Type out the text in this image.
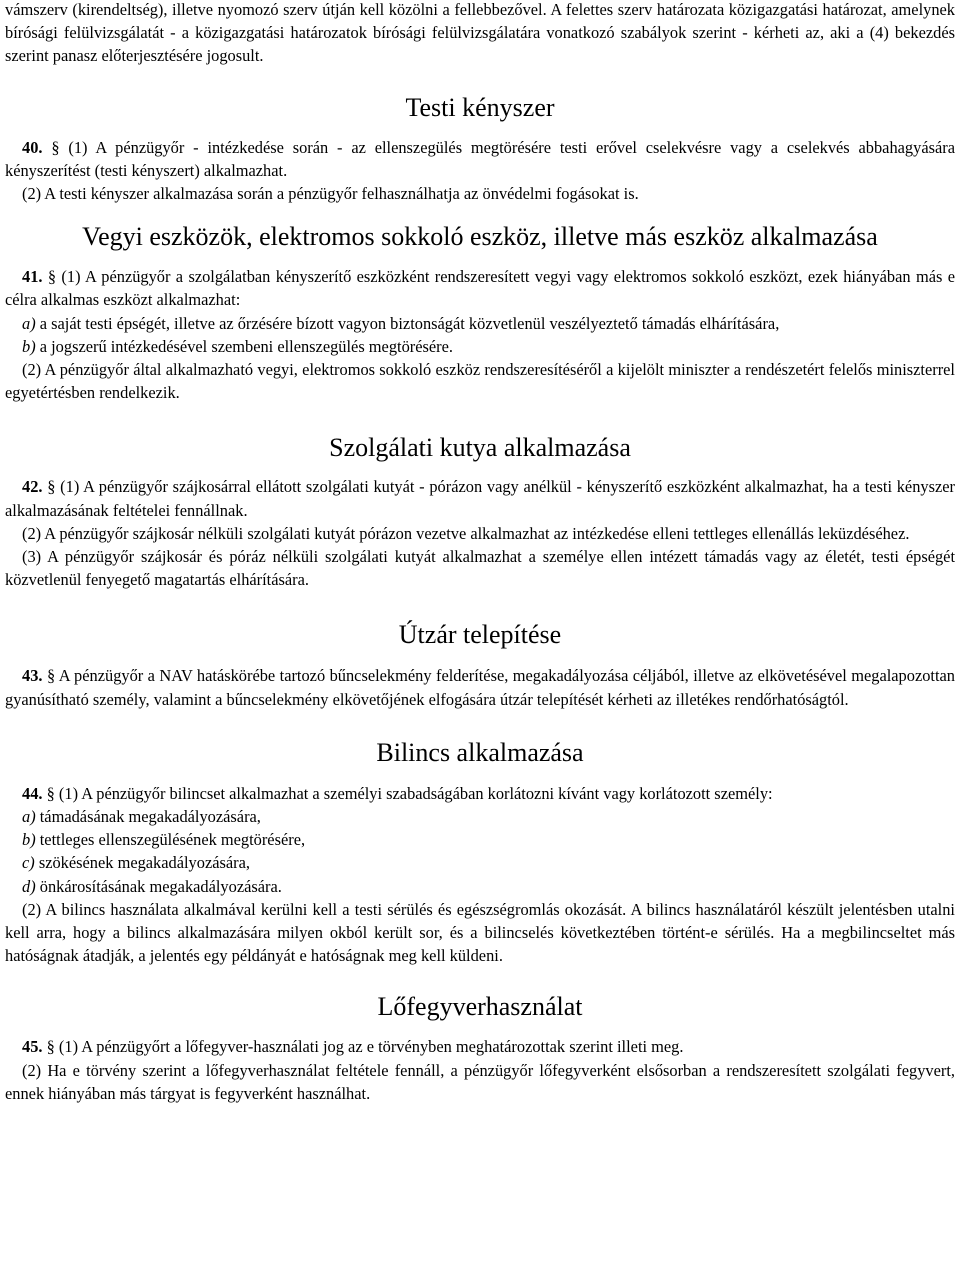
vámszerv (kirendeltség), illetve nyomozó szerv útján kell közölni a fellebbezővel. A felettes szerv határozata közigazgatási határozat, amelynek bírósági felülvizsgálatát - a közigazgatási határozatok bírósági felülvizsgálatára vonatkozó szabályok szerint - kérheti az, aki a (4) bekezdés szerint panasz előterjesztésére jogosult.

Testi kényszer

40. § (1) A pénzügyőr - intézkedése során - az ellenszegülés megtörésére testi erővel cselekvésre vagy a cselekvés abbahagyására kényszerítést (testi kényszert) alkalmazhat.

(2) A testi kényszer alkalmazása során a pénzügyőr felhasználhatja az önvédelmi fogásokat is.

Vegyi eszközök, elektromos sokkoló eszköz, illetve más eszköz alkalmazása

41. § (1) A pénzügyőr a szolgálatban kényszerítő eszközként rendszeresített vegyi vagy elektromos sokkoló eszközt, ezek hiányában más e célra alkalmas eszközt alkalmazhat:

a) a saját testi épségét, illetve az őrzésére bízott vagyon biztonságát közvetlenül veszélyeztető támadás elhárítására,

b) a jogszerű intézkedésével szembeni ellenszegülés megtörésére.

(2) A pénzügyőr által alkalmazható vegyi, elektromos sokkoló eszköz rendszeresítéséről a kijelölt miniszter a rendészetért felelős miniszterrel egyetértésben rendelkezik.

Szolgálati kutya alkalmazása

42. § (1) A pénzügyőr szájkosárral ellátott szolgálati kutyát - pórázon vagy anélkül - kényszerítő eszközként alkalmazhat, ha a testi kényszer alkalmazásának feltételei fennállnak.

(2) A pénzügyőr szájkosár nélküli szolgálati kutyát pórázon vezetve alkalmazhat az intézkedése elleni tettleges ellenállás leküzdéséhez.

(3) A pénzügyőr szájkosár és póráz nélküli szolgálati kutyát alkalmazhat a személye ellen intézett támadás vagy az életét, testi épségét közvetlenül fenyegető magatartás elhárítására.

Útzár telepítése

43. § A pénzügyőr a NAV hatáskörébe tartozó bűncselekmény felderítése, megakadályozása céljából, illetve az elkövetésével megalapozottan gyanúsítható személy, valamint a bűncselekmény elkövetőjének elfogására útzár telepítését kérheti az illetékes rendőrhatóságtól.

Bilincs alkalmazása

44. § (1) A pénzügyőr bilincset alkalmazhat a személyi szabadságában korlátozni kívánt vagy korlátozott személy:

a) támadásának megakadályozására,

b) tettleges ellenszegülésének megtörésére,

c) szökésének megakadályozására,

d) önkárosításának megakadályozására.

(2) A bilincs használata alkalmával kerülni kell a testi sérülés és egészségromlás okozását. A bilincs használatáról készült jelentésben utalni kell arra, hogy a bilincs alkalmazására milyen okból került sor, és a bilincselés következtében történt-e sérülés. Ha a megbilincseltet más hatóságnak átadják, a jelentés egy példányát e hatóságnak meg kell küldeni.

Lőfegyverhasználat

45. § (1) A pénzügyőrt a lőfegyver-használati jog az e törvényben meghatározottak szerint illeti meg.

(2) Ha e törvény szerint a lőfegyverhasználat feltétele fennáll, a pénzügyőr lőfegyverként elsősorban a rendszeresített szolgálati fegyvert, ennek hiányában más tárgyat is fegyverként használhat.
